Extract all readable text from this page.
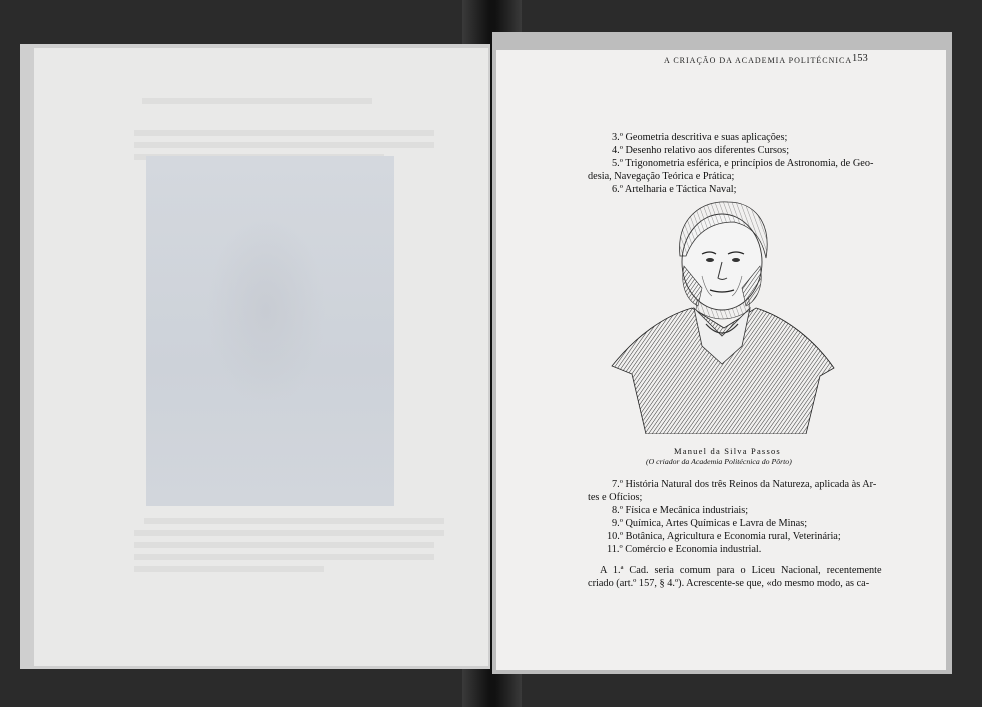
A CRIAÇÃO DA ACADEMIA POLITÉCNICA 153
3.º Geometria descritiva e suas aplicações;
4.º Desenho relativo aos diferentes Cursos;
5.º Trigonometria esférica, e princípios de Astronomia, de Geo-
desia, Navegação Teórica e Prática;
6.º Artelharia e Táctica Naval;
Manuel da Silva Passos
(O criador da Academia Politécnica do Pôrto)
7.º História Natural dos três Reinos da Natureza, aplicada às Ar-
tes e Ofícios;
8.º Física e Mecânica industriais;
9.º Química, Artes Químicas e Lavra de Minas;
10.º Botânica, Agricultura e Economia rural, Veterinária;
11.º Comércio e Economia industrial.
A 1.ª Cad. seria comum para o Liceu Nacional, recentemente
criado (art.º 157, § 4.º). Acrescente-se que, «do mesmo modo, as ca-
